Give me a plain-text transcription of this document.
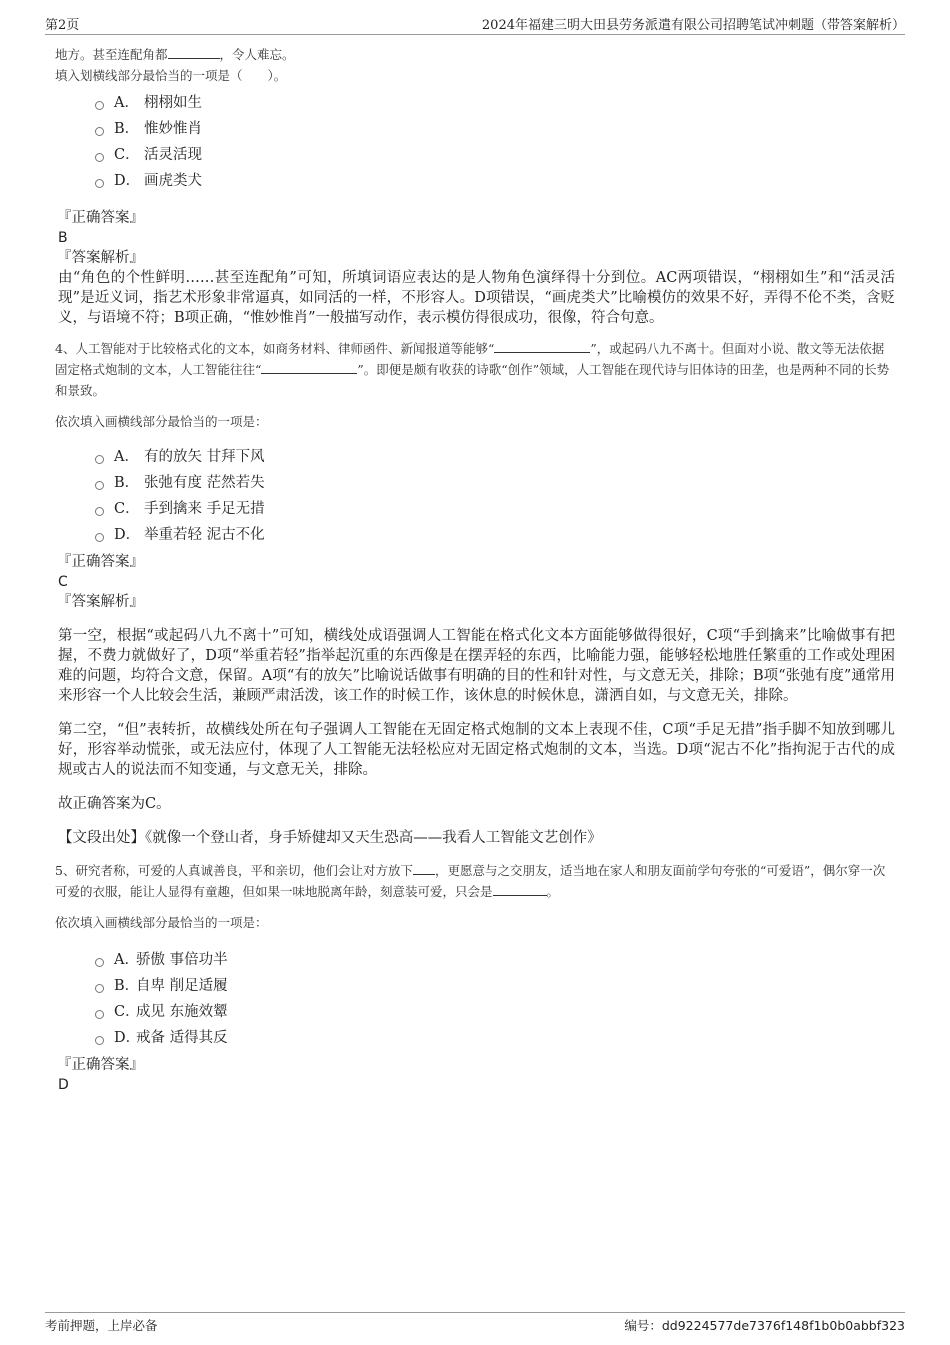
第2页	2024年福建三明大田县劳务派遣有限公司招聘笔试冲刺题（带答案解析）

地方。甚至连配角都	，令人难忘。

填入划横线部分最恰当的一项是（　　）。

A． 栩栩如生
B． 惟妙惟肖
C． 活灵活现
D． 画虎类犬

『正确答案』

B

『答案解析』

由“角色的个性鲜明……甚至连配角”可知，所填词语应表达的是人物角色演绎得十分到位。AC两项错误，“栩栩如生”和“活灵活现”是近义词，指艺术形象非常逼真，如同活的一样，不形容人。D项错误，“画虎类犬”比喻模仿的效果不好，弄得不伦不类，含贬义，与语境不符；B项正确，“惟妙惟肖”一般描写动作，表示模仿得很成功，很像，符合句意。

4、人工智能对于比较格式化的文本，如商务材料、律师函件、新闻报道等能够“	”，或起码八九不离十。但面对小说、散文等无法依据固定格式炮制的文本，人工智能往往“	”。即便是颇有收获的诗歌“创作”领域，人工智能在现代诗与旧体诗的田垄，也是两种不同的长势和景致。

依次填入画横线部分最恰当的一项是：

A． 有的放矢 甘拜下风
B． 张弛有度 茫然若失
C． 手到擒来 手足无措
D． 举重若轻 泥古不化

『正确答案』

C

『答案解析』

第一空，根据“或起码八九不离十”可知，横线处成语强调人工智能在格式化文本方面能够做得很好，C项“手到擒来”比喻做事有把握，不费力就做好了，D项“举重若轻”指举起沉重的东西像是在摆弄轻的东西，比喻能力强，能够轻松地胜任繁重的工作或处理困难的问题，均符合文意，保留。A项“有的放矢”比喻说话做事有明确的目的性和针对性，与文意无关，排除；B项“张弛有度”通常用来形容一个人比较会生活，兼顾严肃活泼，该工作的时候工作，该休息的时候休息，潇洒自如，与文意无关，排除。

第二空，“但”表转折，故横线处所在句子强调人工智能在无固定格式炮制的文本上表现不佳，C项“手足无措”指手脚不知放到哪儿好，形容举动慌张，或无法应付，体现了人工智能无法轻松应对无固定格式炮制的文本，当选。D项“泥古不化”指拘泥于古代的成规或古人的说法而不知变通，与文意无关，排除。

故正确答案为C。

【文段出处】《就像一个登山者，身手矫健却又天生恐高——我看人工智能文艺创作》

5、研究者称，可爱的人真诚善良，平和亲切，他们会让对方放下 ，更愿意与之交朋友，适当地在家人和朋友面前学句夸张的“可爱语”，偶尔穿一次可爱的衣服，能让人显得有童趣，但如果一味地脱离年龄，刻意装可爱，只会是	。

依次填入画横线部分最恰当的一项是：

A．
骄傲 事倍功半
B．
自卑 削足适履
C．
成见 东施效颦
D．
戒备 适得其反

『正确答案』

D

考前押题，上岸必备	编号：dd9224577de7376f148f1b0b0abbf323
